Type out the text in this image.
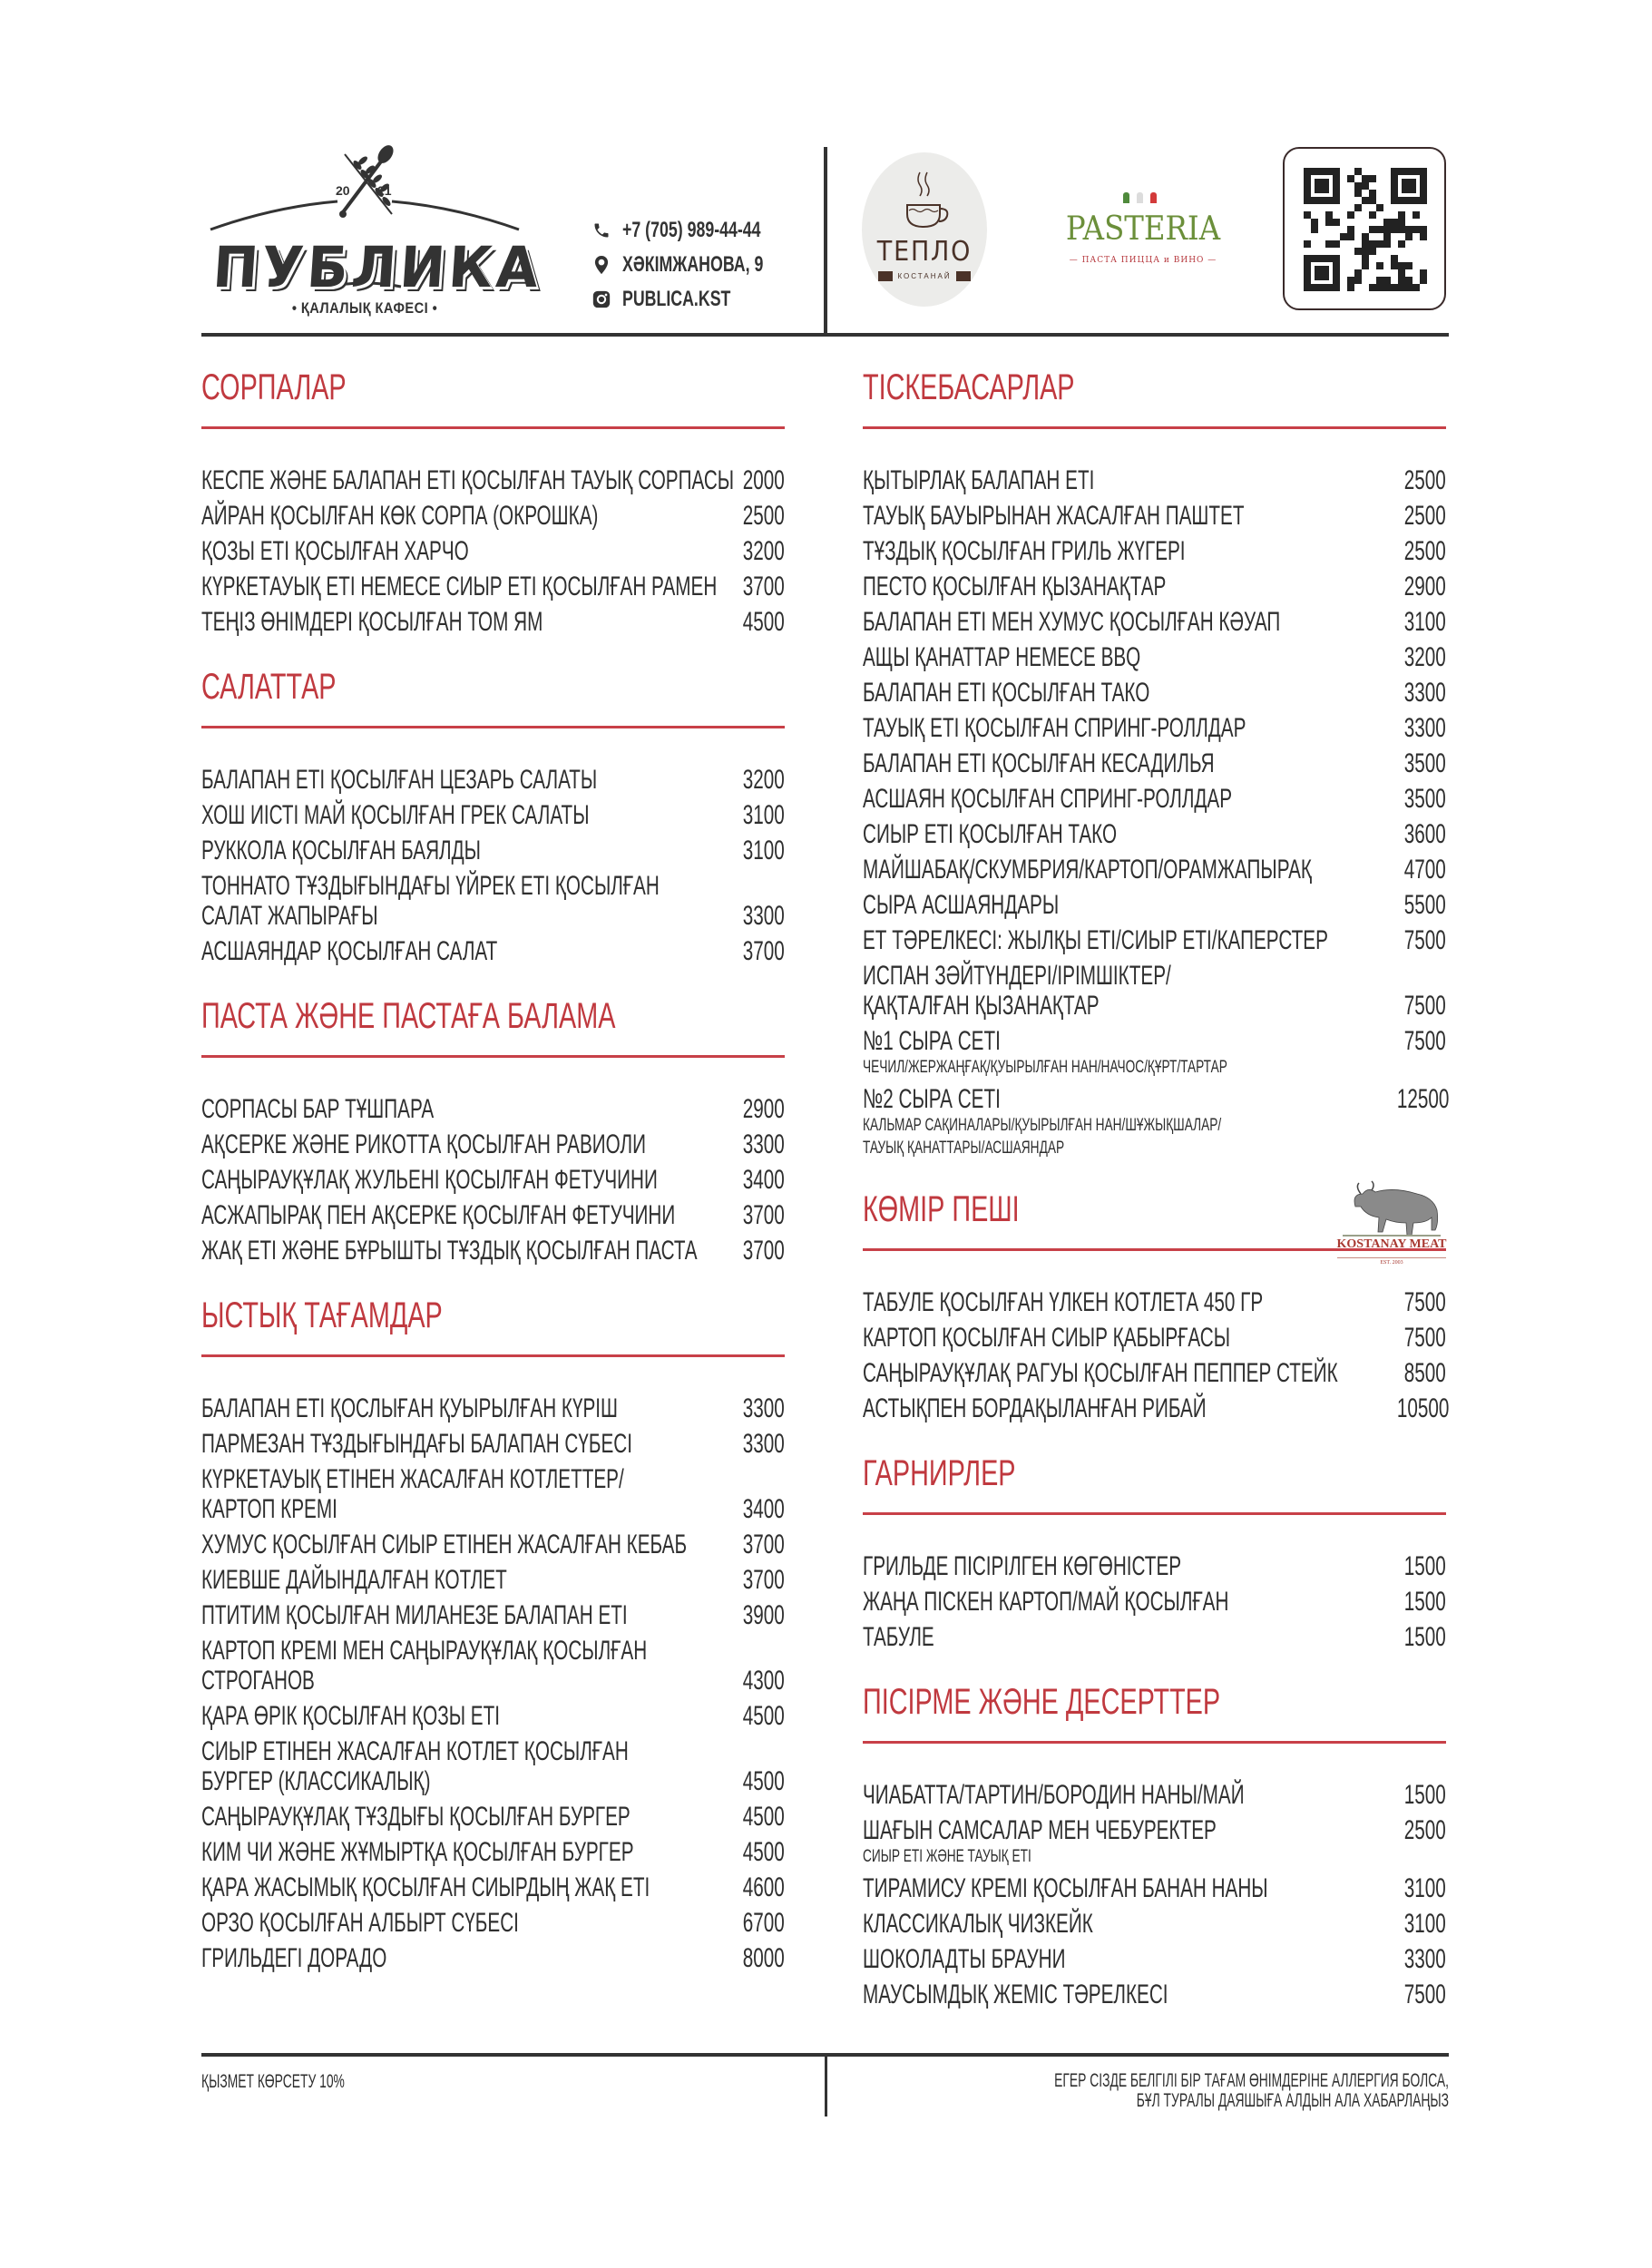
20 21
ПУБЛИКА
• ҚАЛАЛЫҚ КАФЕСІ •
+7 (705) 989-44-44
ХӘКІМЖАНОВА, 9
PUBLICA.KST
ТЕПЛО
КОСТАНАЙ
PASTERIA
— ПАСТА ПИЦЦА и ВИНО —
СОРПАЛАР
КЕСПЕ ЖӘНЕ БАЛАПАН ЕТІ ҚОСЫЛҒАН ТАУЫҚ СОРПАСЫ 2000
АЙРАН ҚОСЫЛҒАН КӨК СОРПА (ОКРОШКА)	2500
ҚОЗЫ ЕТІ ҚОСЫЛҒАН ХАРЧО	3200
КҮРКЕТАУЫҚ ЕТІ НЕМЕСЕ СИЫР ЕТІ ҚОСЫЛҒАН РАМЕН 3700
ТЕҢІЗ ӨНІМДЕРІ ҚОСЫЛҒАН ТОМ ЯМ	4500
САЛАТТАР
БАЛАПАН ЕТІ ҚОСЫЛҒАН ЦЕЗАРЬ САЛАТЫ	3200
ХОШ ИІСТІ МАЙ ҚОСЫЛҒАН ГРЕК САЛАТЫ	3100
РУККОЛА ҚОСЫЛҒАН БАЯЛДЫ	3100
ТОННАТО ТҰЗДЫҒЫНДАҒЫ ҮЙРЕК ЕТІ ҚОСЫЛҒАН
САЛАТ ЖАПЫРАҒЫ	3300
АСШАЯНДАР ҚОСЫЛҒАН САЛАТ	3700
ПАСТА ЖӘНЕ ПАСТАҒА БАЛАМА
СОРПАСЫ БАР ТҰШПАРА	2900
АҚСЕРКЕ ЖӘНЕ РИКОТТА ҚОСЫЛҒАН РАВИОЛИ	3300
САҢЫРАУҚҰЛАҚ ЖУЛЬЕНІ ҚОСЫЛҒАН ФЕТУЧИНИ	3400
АСЖАПЫРАҚ ПЕН АҚСЕРКЕ ҚОСЫЛҒАН ФЕТУЧИНИ	3700
ЖАҚ ЕТІ ЖӘНЕ БҰРЫШТЫ ТҰЗДЫҚ ҚОСЫЛҒАН ПАСТА	3700
ЫСТЫҚ ТАҒАМДАР
БАЛАПАН ЕТІ ҚОСЛЫҒАН ҚУЫРЫЛҒАН КҮРІШ	3300
ПАРМЕЗАН ТҰЗДЫҒЫНДАҒЫ БАЛАПАН СҮБЕСІ	3300
КҮРКЕТАУЫҚ ЕТІНЕН ЖАСАЛҒАН КОТЛЕТТЕР/
КАРТОП КРЕМІ	3400
ХУМУС ҚОСЫЛҒАН СИЫР ЕТІНЕН ЖАСАЛҒАН КЕБАБ	3700
КИЕВШЕ ДАЙЫНДАЛҒАН КОТЛЕТ	3700
ПТИТИМ ҚОСЫЛҒАН МИЛАНЕЗЕ БАЛАПАН ЕТІ	3900
КАРТОП КРЕМІ МЕН САҢЫРАУҚҰЛАҚ ҚОСЫЛҒАН
СТРОГАНОВ	4300
ҚАРА ӨРІК ҚОСЫЛҒАН ҚОЗЫ ЕТІ	4500
СИЫР ЕТІНЕН ЖАСАЛҒАН КОТЛЕТ ҚОСЫЛҒАН
БУРГЕР (КЛАССИКАЛЫҚ)	4500
САҢЫРАУҚҰЛАҚ ТҰЗДЫҒЫ ҚОСЫЛҒАН БУРГЕР	4500
КИМ ЧИ ЖӘНЕ ЖҰМЫРТҚА ҚОСЫЛҒАН БУРГЕР	4500
ҚАРА ЖАСЫМЫҚ ҚОСЫЛҒАН СИЫРДЫҢ ЖАҚ ЕТІ	4600
ОРЗО ҚОСЫЛҒАН АЛБЫРТ СҮБЕСІ	6700
ГРИЛЬДЕГІ ДОРАДО	8000
ТІСКЕБАСАРЛАР
ҚЫТЫРЛАҚ БАЛАПАН ЕТІ	2500
ТАУЫҚ БАУЫРЫНАН ЖАСАЛҒАН ПАШТЕТ	2500
ТҰЗДЫҚ ҚОСЫЛҒАН ГРИЛЬ ЖҮГЕРІ	2500
ПЕСТО ҚОСЫЛҒАН ҚЫЗАНАҚТАР	2900
БАЛАПАН ЕТІ МЕН ХУМУС ҚОСЫЛҒАН КӘУАП	3100
АЩЫ ҚАНАТТАР НЕМЕСЕ BBQ	3200
БАЛАПАН ЕТІ ҚОСЫЛҒАН ТАКО	3300
ТАУЫҚ ЕТІ ҚОСЫЛҒАН СПРИНГ-РОЛЛДАР	3300
БАЛАПАН ЕТІ ҚОСЫЛҒАН КЕСАДИЛЬЯ	3500
АСШАЯН ҚОСЫЛҒАН СПРИНГ-РОЛЛДАР	3500
СИЫР ЕТІ ҚОСЫЛҒАН ТАКО	3600
МАЙШАБАҚ/СКУМБРИЯ/КАРТОП/ОРАМЖАПЫРАҚ	4700
СЫРА АСШАЯНДАРЫ	5500
ЕТ ТӘРЕЛКЕСІ: ЖЫЛҚЫ ЕТІ/СИЫР ЕТІ/КАПЕРСТЕР	7500
ИСПАН ЗӘЙТҮНДЕРІ/ІРІМШІКТЕР/
ҚАҚТАЛҒАН ҚЫЗАНАҚТАР	7500
№1 СЫРА СЕТІ	7500
ЧЕЧИЛ/ЖЕРЖАҢҒАҚ/ҚУЫРЫЛҒАН НАН/НАЧОС/ҚҰРТ/ТАРТАР
№2 СЫРА СЕТІ	12500
КАЛЬМАР САҚИНАЛАРЫ/ҚУЫРЫЛҒАН НАН/ШҰЖЫҚШАЛАР/
ТАУЫҚ ҚАНАТТАРЫ/АСШАЯНДАР
КӨМІР ПЕШІ
KOSTANAY MEAT
EST. 2003
ТАБУЛЕ ҚОСЫЛҒАН ҮЛКЕН КОТЛЕТА 450 ГР	7500
КАРТОП ҚОСЫЛҒАН СИЫР ҚАБЫРҒАСЫ	7500
САҢЫРАУҚҰЛАҚ РАГУЫ ҚОСЫЛҒАН ПЕППЕР СТЕЙК	8500
АСТЫҚПЕН БОРДАҚЫЛАНҒАН РИБАЙ	10500
ГАРНИРЛЕР
ГРИЛЬДЕ ПІСІРІЛГЕН КӨГӨНІСТЕР	1500
ЖАҢА ПІСКЕН КАРТОП/МАЙ ҚОСЫЛҒАН	1500
ТАБУЛЕ	1500
ПІСІРМЕ ЖӘНЕ ДЕСЕРТТЕР
ЧИАБАТТА/ТАРТИН/БОРОДИН НАНЫ/МАЙ	1500
ШАҒЫН САМСАЛАР МЕН ЧЕБУРЕКТЕР	2500
СИЫР ЕТІ ЖӘНЕ ТАУЫҚ ЕТІ
ТИРАМИСУ КРЕМІ ҚОСЫЛҒАН БАНАН НАНЫ	3100
КЛАССИКАЛЫҚ ЧИЗКЕЙК	3100
ШОКОЛАДТЫ БРАУНИ	3300
МАУСЫМДЫҚ ЖЕМІС ТӘРЕЛКЕСІ	7500
ҚЫЗМЕТ КӨРСЕТУ 10%	ЕГЕР СІЗДЕ БЕЛГІЛІ БІР ТАҒАМ ӨНІМДЕРІНЕ АЛЛЕРГИЯ БОЛСА,
БҰЛ ТУРАЛЫ ДАЯШЫҒА АЛДЫН АЛА ХАБАРЛАҢЫЗ
